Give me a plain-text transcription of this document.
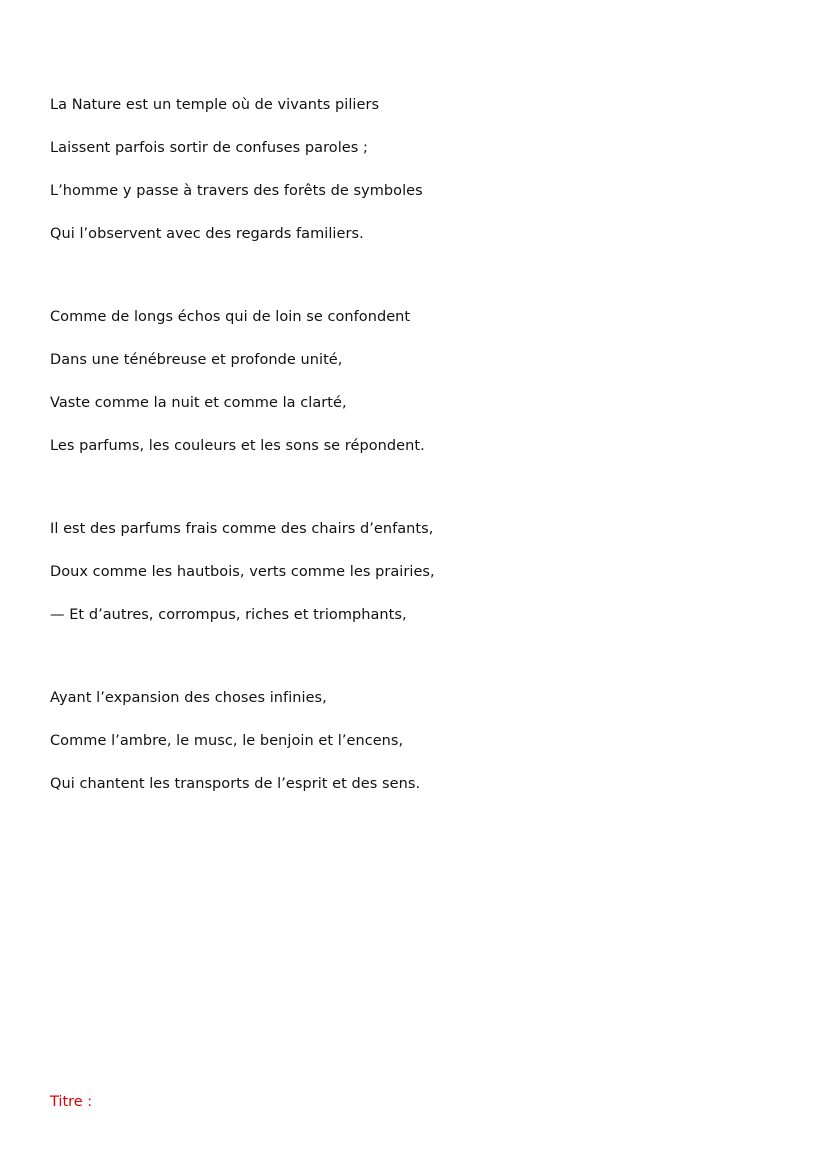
La Nature est un temple où de vivants piliers
Laissent parfois sortir de confuses paroles ;
L’homme y passe à travers des forêts de symboles
Qui l’observent avec des regards familiers.
Comme de longs échos qui de loin se confondent
Dans une ténébreuse et profonde unité,
Vaste comme la nuit et comme la clarté,
Les parfums, les couleurs et les sons se répondent.
Il est des parfums frais comme des chairs d’enfants,
Doux comme les hautbois, verts comme les prairies,
— Et d’autres, corrompus, riches et triomphants,
Ayant l’expansion des choses infinies,
Comme l’ambre, le musc, le benjoin et l’encens,
Qui chantent les transports de l’esprit et des sens.
Titre :
